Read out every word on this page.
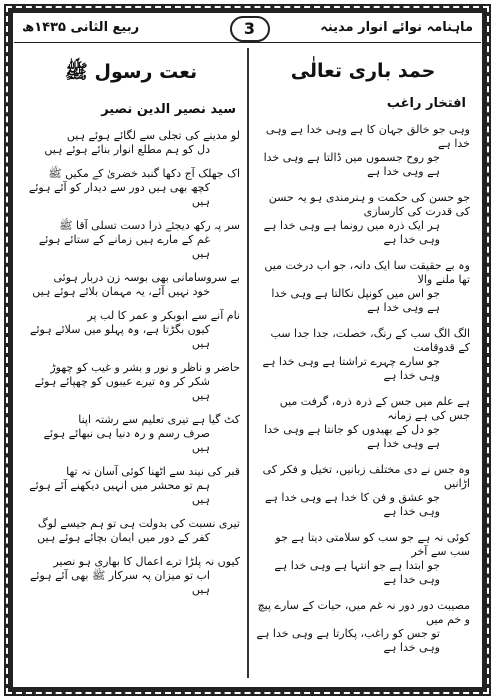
ربیع الثانی ۱۴۳۵ھ	3	ماہنامہ نوائے انوار مدینہ
حمد باری تعالٰی
افتخار راغب
وہی جو خالق جہان کا ہے وہی خدا ہے وہی خدا ہے
جو روح جسموں میں ڈالتا ہے وہی خدا ہے وہی خدا ہے
جو حسن کی حکمت و ہنرمندی ہو یہ حسن کی قدرت کی کارسازی
ہر ایک ذرہ میں رونما ہے وہی خدا ہے وہی خدا ہے
وہ بے حقیقت سا ایک دانہ، جو اب درخت میں تھا ملنے والا
جو اس میں کونپل نکالتا ہے وہی خدا ہے وہی خدا ہے
الگ الگ سب کے رنگ، خصلت، جدا جدا سب کے قدوقامت
جو سارے چہرے تراشتا ہے وہی خدا ہے وہی خدا ہے
ہے علم میں جس کے ذرہ ذرہ، گرفت میں جس کی ہے زمانہ
جو دل کے بھیدوں کو جانتا ہے وہی خدا ہے وہی خدا ہے
وہ جس نے دی مختلف زبانیں، تخیل و فکر کی اڑانیں
جو عشق و فن کا خدا ہے وہی خدا ہے وہی خدا ہے
کوئی نہ ہے جو سب کو سلامتی دیتا ہے جو سب سے آخر
جو ابتدا ہے جو انتہا ہے وہی خدا ہے وہی خدا ہے
مصیبت دور دور نہ غم میں، حیات کے سارے پیچ و خم میں
تو جس کو راغب، پکارتا ہے وہی خدا ہے وہی خدا ہے
نعت رسول ﷺ
سید نصیر الدین نصیر
لو مدینے کی تجلی سے لگائے ہوئے ہیں
دل کو ہم مطلع انوار بنائے ہوئے ہیں
اک جھلک آج دکھا گنبد خضریٰ کے مکیں ﷺ
کچھ بھی ہیں دور سے دیدار کو آئے ہوئے ہیں
سر پہ رکھ دیجئے ذرا دست تسلی آقا ﷺ
غم کے مارے ہیں زمانے کے ستائے ہوئے ہیں
بے سروسامانی بھی بوسہ زن دربار ہوئی
خود نہیں آئے، یہ مہمان بلائے ہوئے ہیں
نام آنے سے ابوبکر و عمر کا لب پر
کیوں بگڑتا ہے، وہ پہلو میں سلائے ہوئے ہیں
حاضر و ناظر و نور و بشر و غیب کو چھوڑ
شکر کر وہ تیرے عیبوں کو چھپائے ہوئے ہیں
کٹ گیا ہے تیری تعلیم سے رشتہ اپنا
صرف رسم و رہ دنیا ہی نبھائے ہوئے ہیں
قبر کی نیند سے اٹھنا کوئی آسان نہ تھا
ہم تو محشر میں انہیں دیکھنے آئے ہوئے ہیں
تیری نسبت کی بدولت ہی تو ہم جیسے لوگ
کفر کے دور میں ایمان بچائے ہوئے ہیں
کیوں نہ پلڑا ترے اعمال کا بھاری ہو نصیر
اب تو میزان پہ سرکار ﷺ بھی آئے ہوئے ہیں
